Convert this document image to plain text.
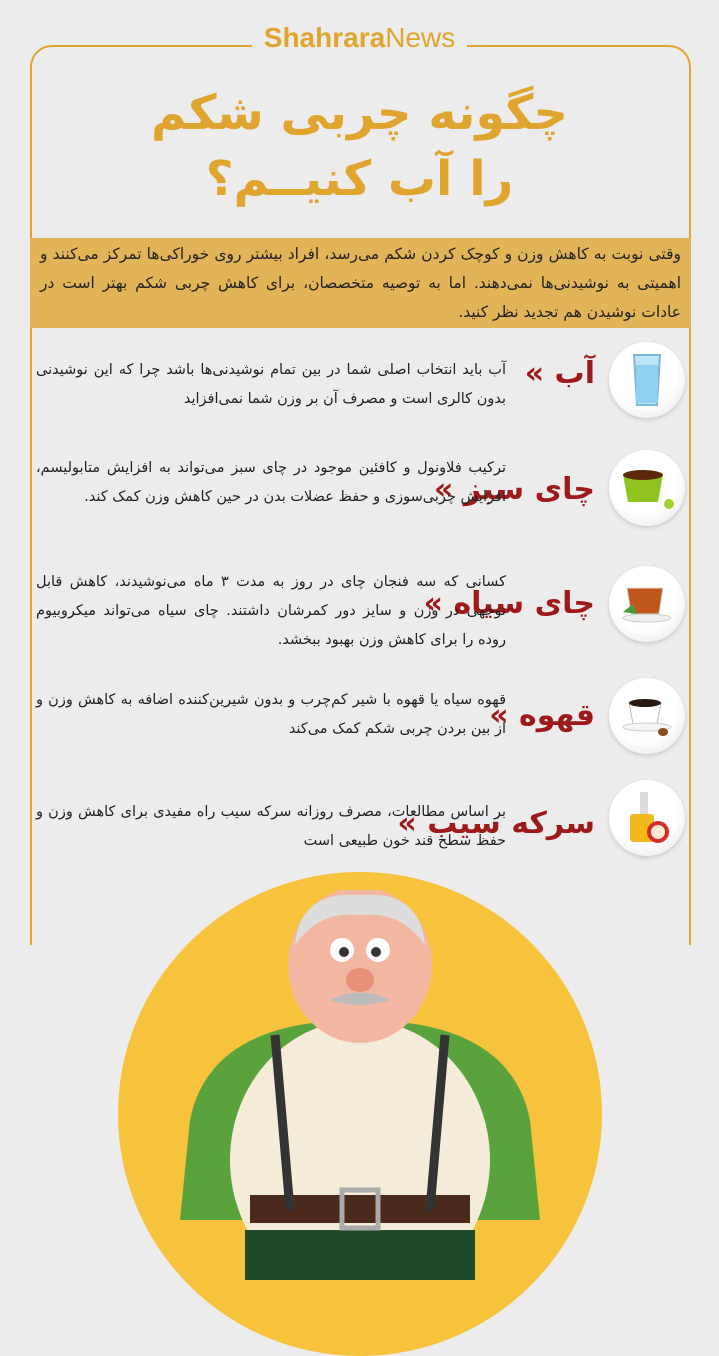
ShahraraNews
چگونه چربی شکم
را آب کنیــم؟
وقتی نوبت به کاهش وزن و کوچک کردن شکم می‌رسد، افراد بیشتر روی خوراکی‌ها تمرکز می‌کنند و اهمیتی به نوشیدنی‌ها نمی‌دهند. اما به توصیه متخصصان، برای کاهش چربی شکم بهتر است در عادات نوشیدن هم تجدید نظر کنید.
آب »
آب باید انتخاب اصلی شما در بین تمام نوشیدنی‌ها باشد چرا که این نوشیدنی بدون کالری است و مصرف آن بر وزن شما نمی‌افزاید
چای سبز »
ترکیب فلاونول و کافئین موجود در چای سبز می‌تواند به افزایش متابولیسم، افزایش چربی‌سوزی و حفظ عضلات بدن در حین کاهش وزن کمک کند.
چای سیاه »
کسانی که سه فنجان چای در روز به مدت ۳ ماه می‌نوشیدند، کاهش قابل توجهی در وزن و سایز دور کمرشان داشتند. چای سیاه می‌تواند میکروبیوم روده را برای کاهش وزن بهبود ببخشد.
قهوه »
قهوه سیاه یا قهوه با شیر کم‌چرب و بدون شیرین‌کننده اضافه به کاهش وزن و از بین بردن چربی شکم کمک می‌کند
سرکه سیب »
بر اساس مطالعات، مصرف روزانه سرکه سیب راه مفیدی برای کاهش وزن و حفظ سطح قند خون طبیعی است
